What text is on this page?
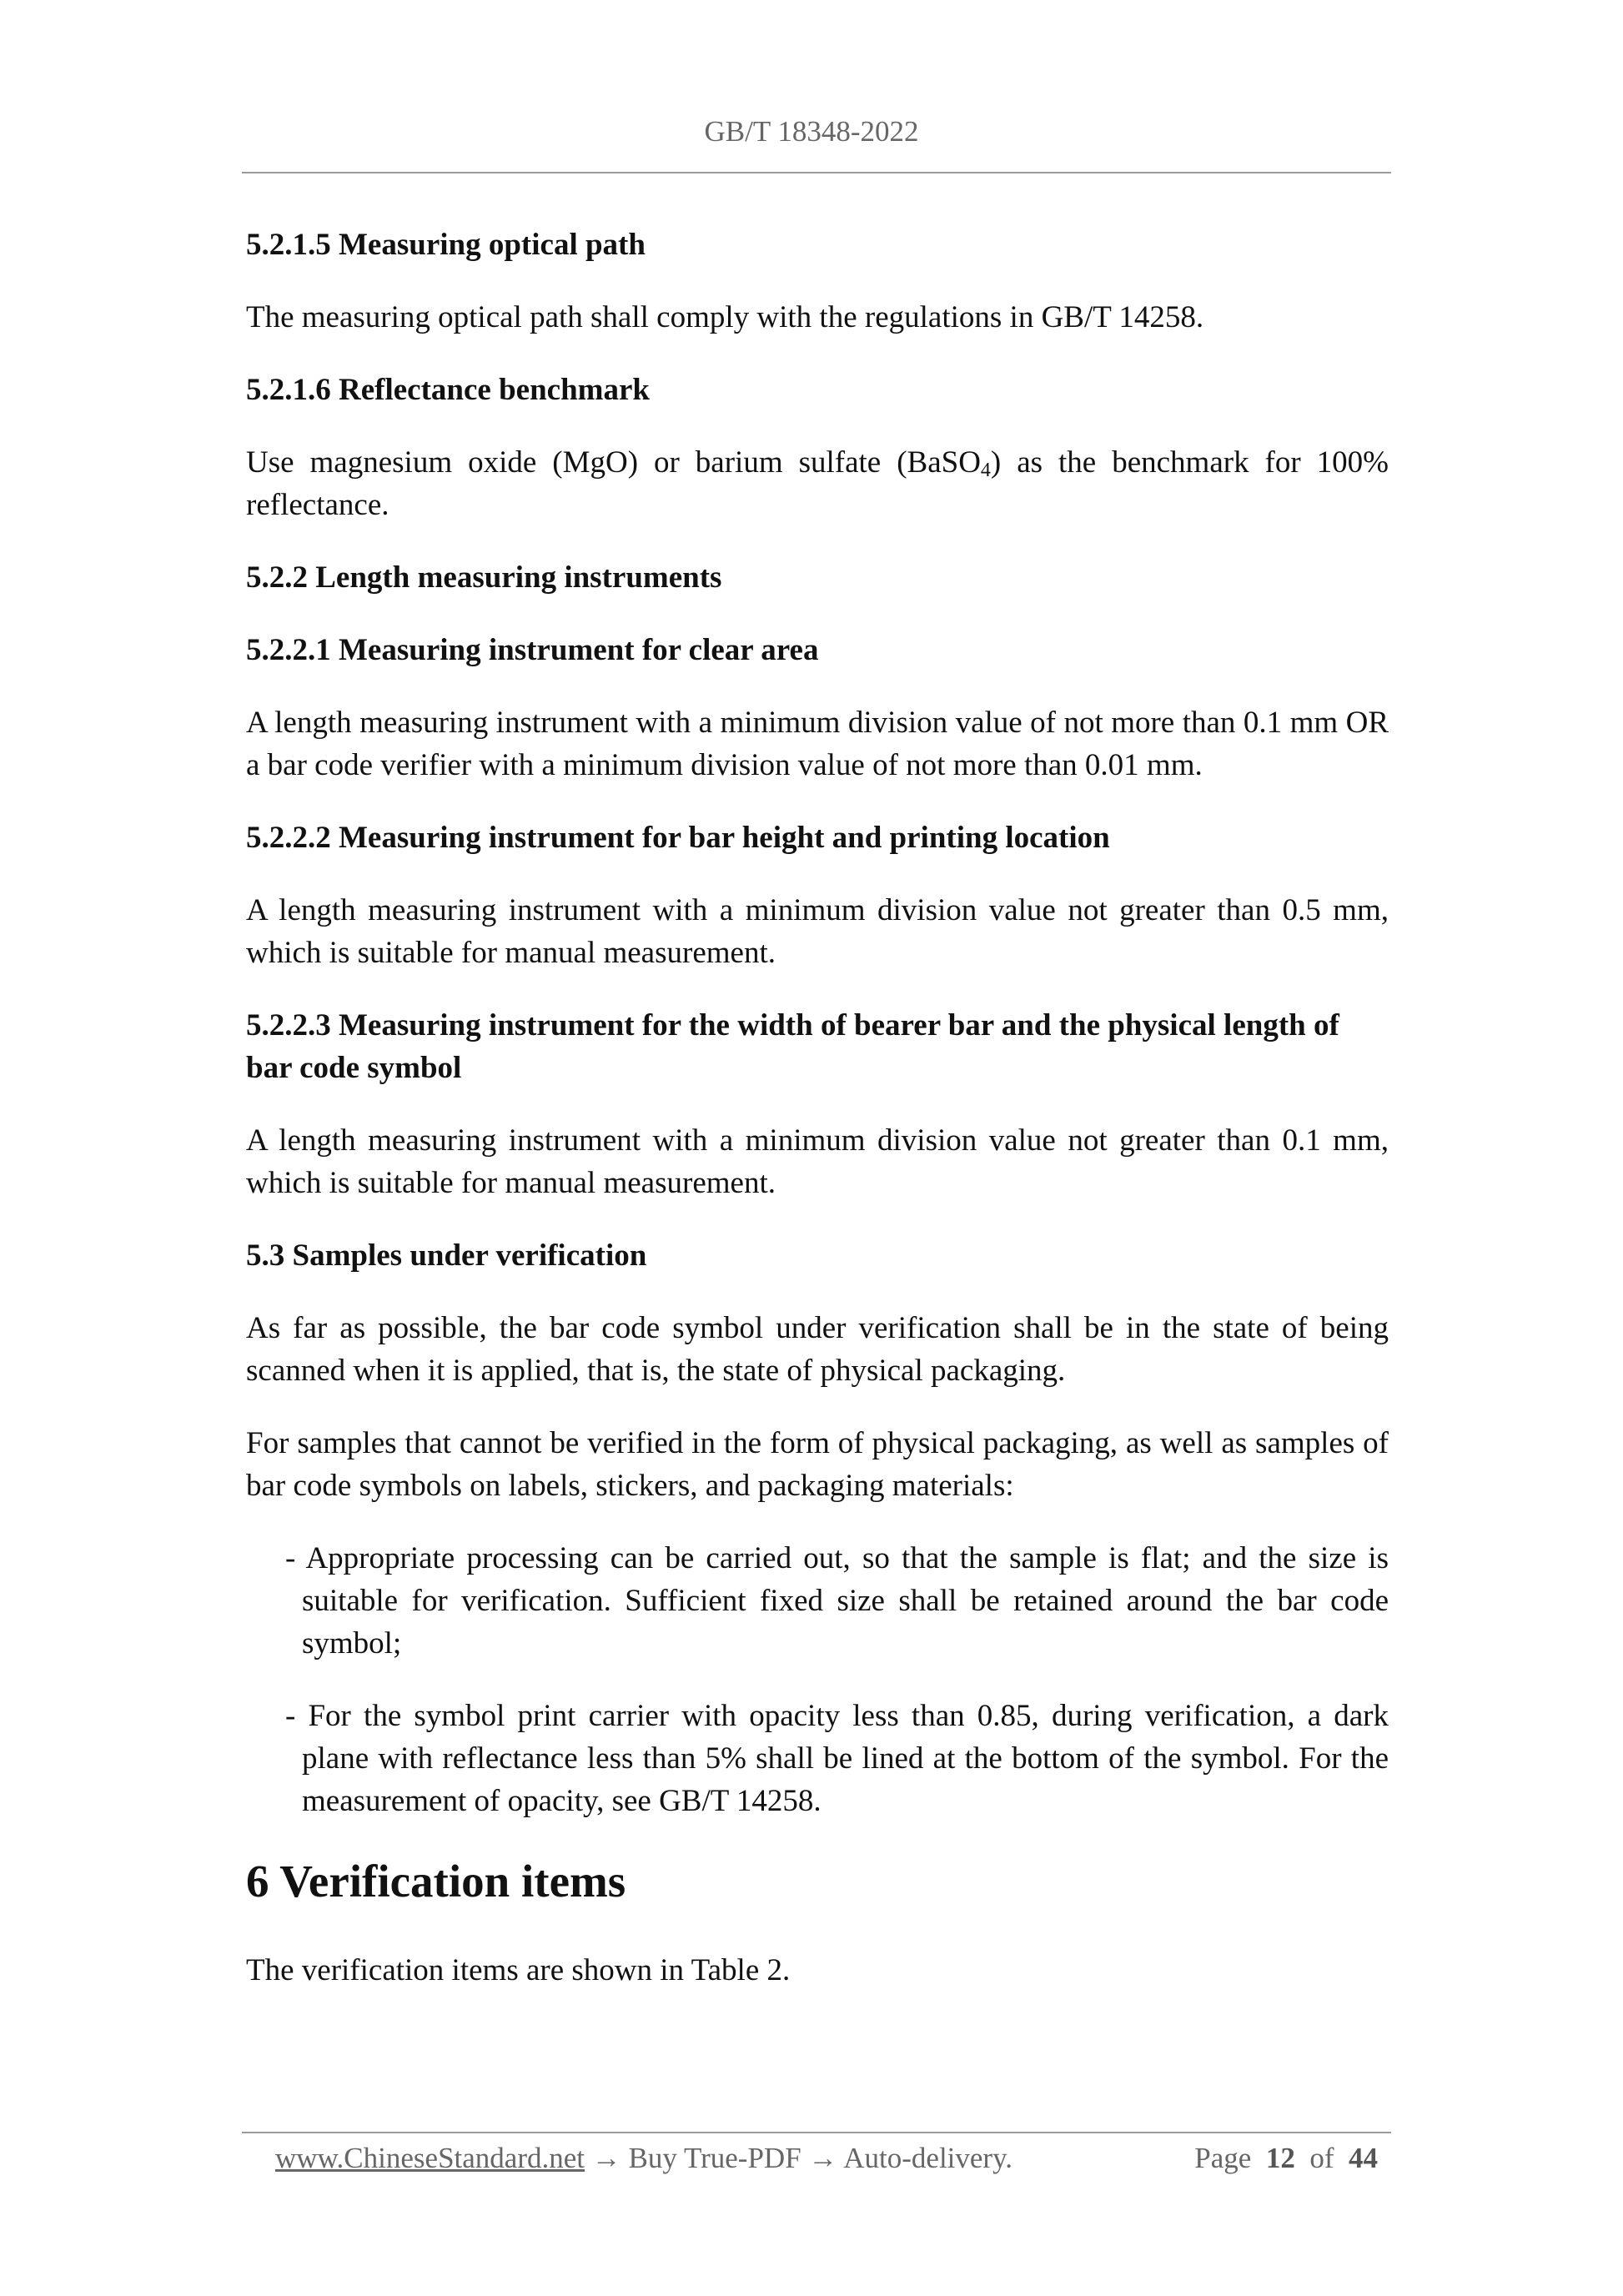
GB/T 18348-2022
5.2.1.5 Measuring optical path
The measuring optical path shall comply with the regulations in GB/T 14258.
5.2.1.6 Reflectance benchmark
Use magnesium oxide (MgO) or barium sulfate (BaSO$_4$) as the benchmark for 100% reflectance.
5.2.2 Length measuring instruments
5.2.2.1 Measuring instrument for clear area
A length measuring instrument with a minimum division value of not more than 0.1 mm OR a bar code verifier with a minimum division value of not more than 0.01 mm.
5.2.2.2 Measuring instrument for bar height and printing location
A length measuring instrument with a minimum division value not greater than 0.5 mm, which is suitable for manual measurement.
5.2.2.3 Measuring instrument for the width of bearer bar and the physical length of bar code symbol
A length measuring instrument with a minimum division value not greater than 0.1 mm, which is suitable for manual measurement.
5.3 Samples under verification
As far as possible, the bar code symbol under verification shall be in the state of being scanned when it is applied, that is, the state of physical packaging.
For samples that cannot be verified in the form of physical packaging, as well as samples of bar code symbols on labels, stickers, and packaging materials:
- Appropriate processing can be carried out, so that the sample is flat; and the size is suitable for verification. Sufficient fixed size shall be retained around the bar code symbol;
- For the symbol print carrier with opacity less than 0.85, during verification, a dark plane with reflectance less than 5% shall be lined at the bottom of the symbol. For the measurement of opacity, see GB/T 14258.
6 Verification items
The verification items are shown in Table 2.
www.ChineseStandard.net → Buy True-PDF → Auto-delivery.	Page 12 of 44
